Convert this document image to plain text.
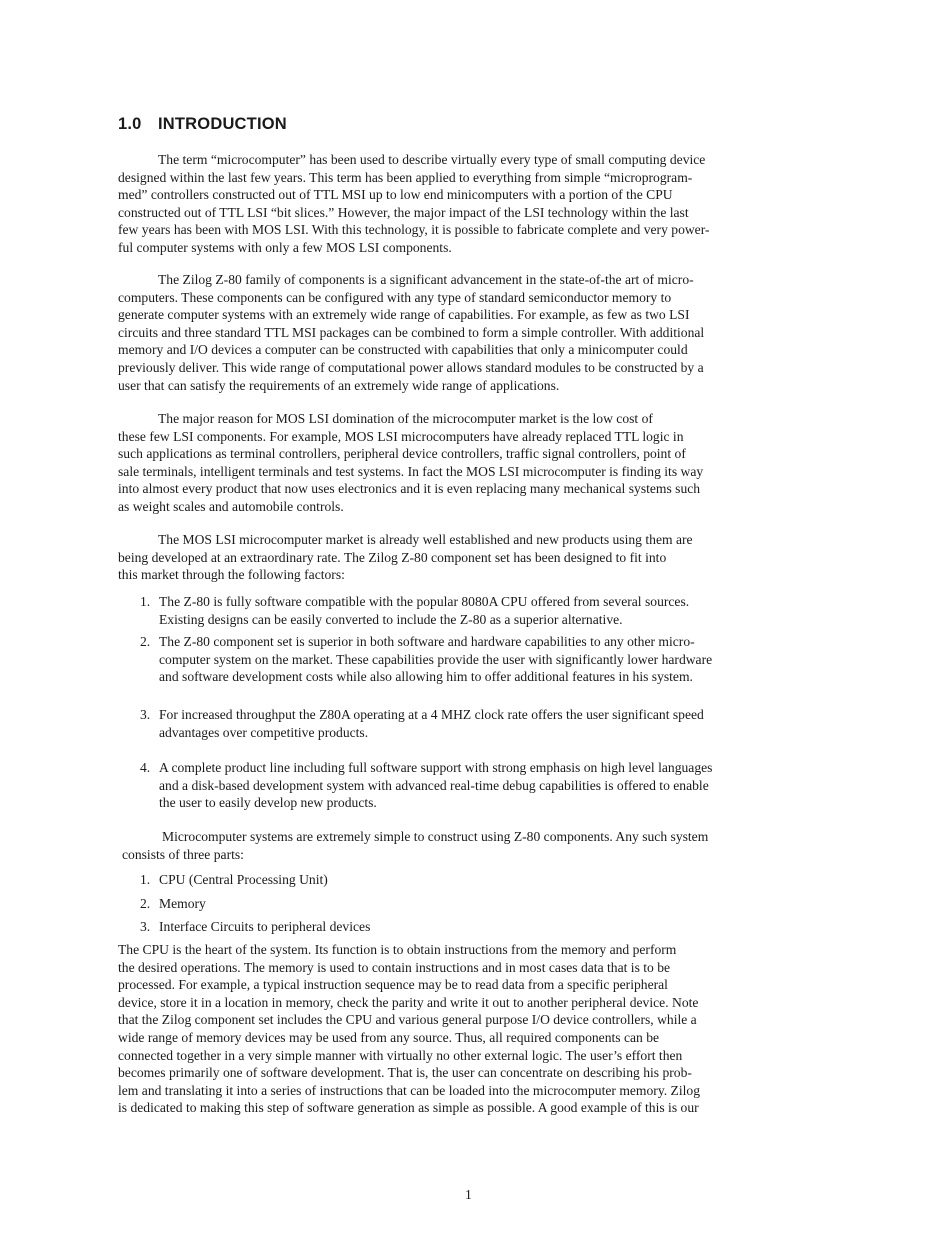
1.0 INTRODUCTION
The term “microcomputer” has been used to describe virtually every type of small computing device
designed within the last few years. This term has been applied to everything from simple “microprogram-
med” controllers constructed out of TTL MSI up to low end minicomputers with a portion of the CPU
constructed out of TTL LSI “bit slices.” However, the major impact of the LSI technology within the last
few years has been with MOS LSI. With this technology, it is possible to fabricate complete and very power-
ful computer systems with only a few MOS LSI components.
The Zilog Z-80 family of components is a significant advancement in the state-of-the art of micro-
computers. These components can be configured with any type of standard semiconductor memory to
generate computer systems with an extremely wide range of capabilities. For example, as few as two LSI
circuits and three standard TTL MSI packages can be combined to form a simple controller. With additional
memory and I/O devices a computer can be constructed with capabilities that only a minicomputer could
previously deliver. This wide range of computational power allows standard modules to be constructed by a
user that can satisfy the requirements of an extremely wide range of applications.
The major reason for MOS LSI domination of the microcomputer market is the low cost of
these few LSI components. For example, MOS LSI microcomputers have already replaced TTL logic in
such applications as terminal controllers, peripheral device controllers, traffic signal controllers, point of
sale terminals, intelligent terminals and test systems. In fact the MOS LSI microcomputer is finding its way
into almost every product that now uses electronics and it is even replacing many mechanical systems such
as weight scales and automobile controls.
The MOS LSI microcomputer market is already well established and new products using them are
being developed at an extraordinary rate. The Zilog Z-80 component set has been designed to fit into
this market through the following factors:
1. The Z-80 is fully software compatible with the popular 8080A CPU offered from several sources.
Existing designs can be easily converted to include the Z-80 as a superior alternative.
2. The Z-80 component set is superior in both software and hardware capabilities to any other micro-
computer system on the market. These capabilities provide the user with significantly lower hardware
and software development costs while also allowing him to offer additional features in his system.
3. For increased throughput the Z80A operating at a 4 MHZ clock rate offers the user significant speed
advantages over competitive products.
4. A complete product line including full software support with strong emphasis on high level languages
and a disk-based development system with advanced real-time debug capabilities is offered to enable
the user to easily develop new products.
Microcomputer systems are extremely simple to construct using Z-80 components. Any such system
consists of three parts:
1. CPU (Central Processing Unit)
2. Memory
3. Interface Circuits to peripheral devices
The CPU is the heart of the system. Its function is to obtain instructions from the memory and perform
the desired operations. The memory is used to contain instructions and in most cases data that is to be
processed. For example, a typical instruction sequence may be to read data from a specific peripheral
device, store it in a location in memory, check the parity and write it out to another peripheral device. Note
that the Zilog component set includes the CPU and various general purpose I/O device controllers, while a
wide range of memory devices may be used from any source. Thus, all required components can be
connected together in a very simple manner with virtually no other external logic. The user’s effort then
becomes primarily one of software development. That is, the user can concentrate on describing his prob-
lem and translating it into a series of instructions that can be loaded into the microcomputer memory. Zilog
is dedicated to making this step of software generation as simple as possible. A good example of this is our
1
